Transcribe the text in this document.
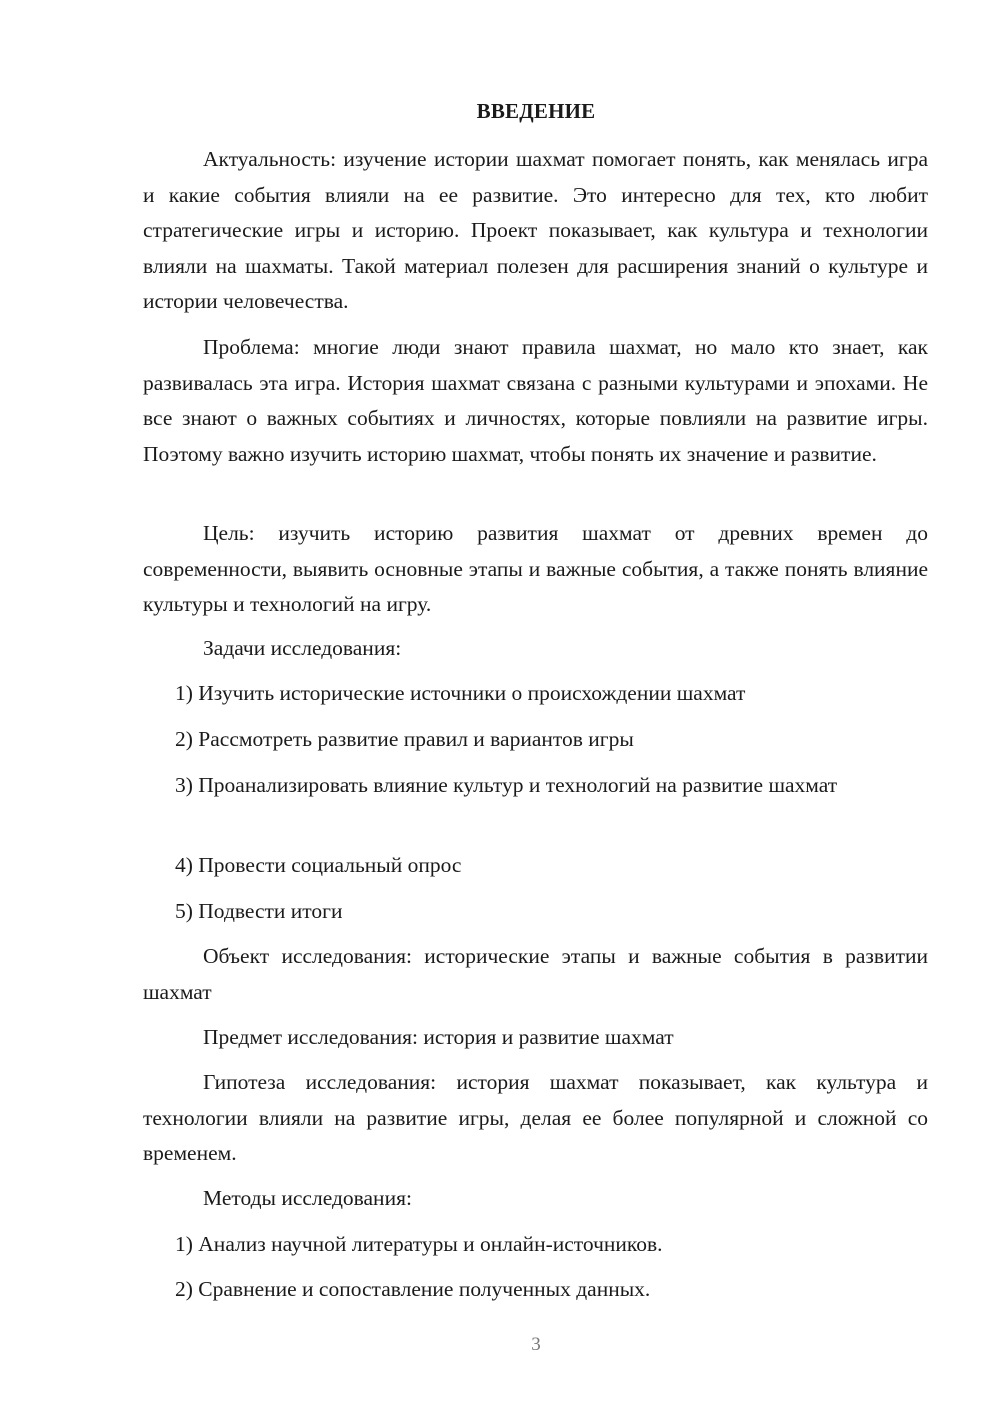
ВВЕДЕНИЕ

Актуальность: изучение истории шахмат помогает понять, как менялась игра и какие события влияли на ее развитие. Это интересно для тех, кто любит стратегические игры и историю. Проект показывает, как культура и технологии влияли на шахматы. Такой материал полезен для расширения знаний о культуре и истории человечества.

Проблема: многие люди знают правила шахмат, но мало кто знает, как развивалась эта игра. История шахмат связана с разными культурами и эпохами. Не все знают о важных событиях и личностях, которые повлияли на развитие игры. Поэтому важно изучить историю шахмат, чтобы понять их значение и развитие.

Цель: изучить историю развития шахмат от древних времен до современности, выявить основные этапы и важные события, а также понять влияние культуры и технологий на игру.

Задачи исследования:

1) Изучить исторические источники о происхождении шахмат

2) Рассмотреть развитие правил и вариантов игры

3) Проанализировать влияние культур и технологий на развитие шахмат

4) Провести социальный опрос

5) Подвести итоги

Объект исследования: исторические этапы и важные события в развитии шахмат

Предмет исследования: история и развитие шахмат

Гипотеза исследования: история шахмат показывает, как культура и технологии влияли на развитие игры, делая ее более популярной и сложной со временем.

Методы исследования:

1) Анализ научной литературы и онлайн-источников.

2) Сравнение и сопоставление полученных данных.

3
